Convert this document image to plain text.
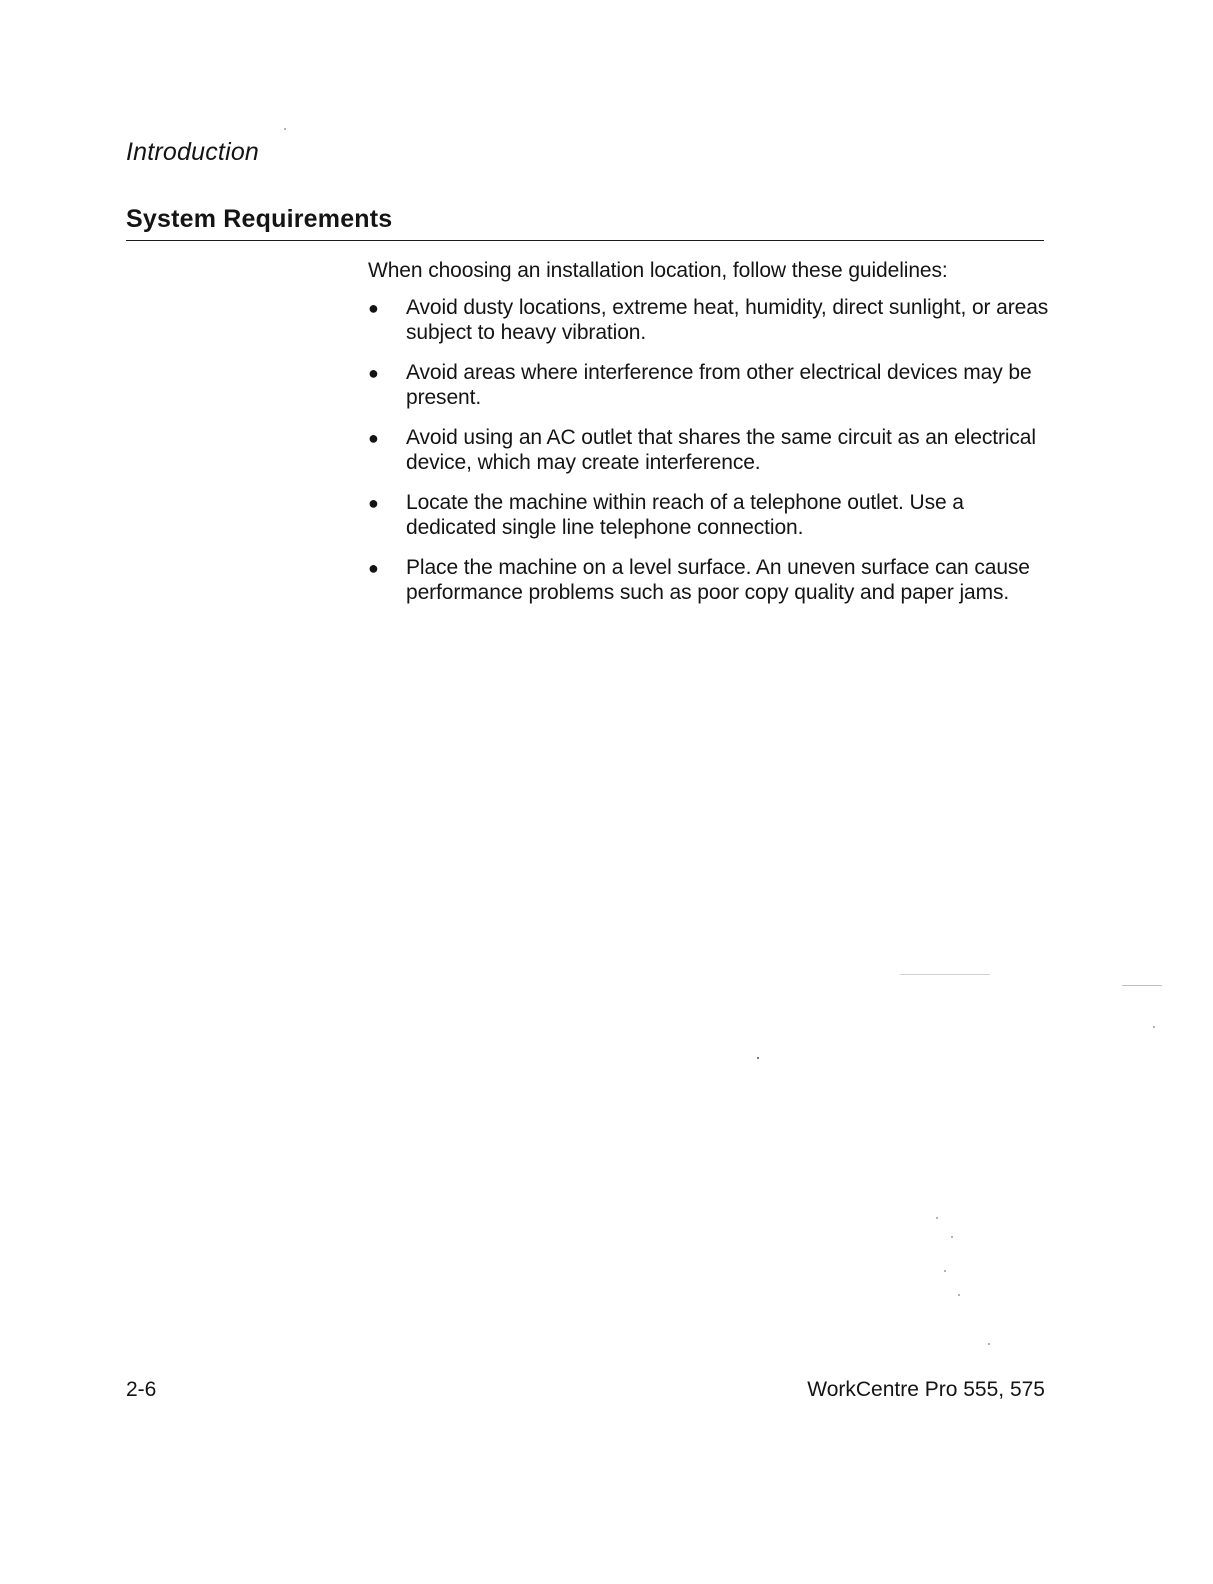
Introduction
System Requirements
When choosing an installation location, follow these guidelines:
● Avoid dusty locations, extreme heat, humidity, direct sunlight, or areas subject to heavy vibration.
● Avoid areas where interference from other electrical devices may be present.
● Avoid using an AC outlet that shares the same circuit as an electrical device, which may create interference.
● Locate the machine within reach of a telephone outlet. Use a dedicated single line telephone connection.
● Place the machine on a level surface. An uneven surface can cause performance problems such as poor copy quality and paper jams.
2-6	WorkCentre Pro 555, 575
